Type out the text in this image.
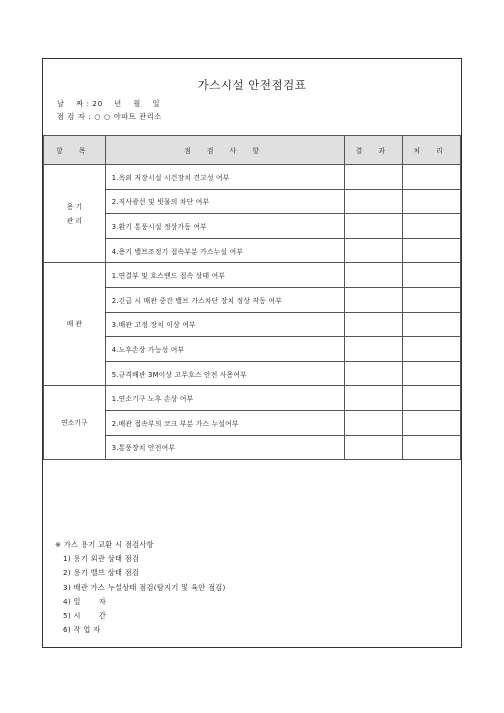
가스시설 안전점검표
날    짜 : 20    년    월    일
점 검 자 : ○ ○ 아파트 관리소
항 목	점 검 사 항	결 과	처 리
용 기
관 리	1.옥외 저장시설 시건장치 견고성 여부		
	2.직사광선 및 빗물의 차단 여부		
	3.환기 통풍시설 정상가동 여부		
	4.용기 밸브조정기 접속부분 가스누설 여부		
배 관	1.연결부 및 호스밴드 접속 상태 여부		
	2.긴급 시 배관 중간 밸브 가스차단 장치 정상 작동 여부		
	3.배관 고정 장치 이상 여부		
	4.노후손상 가능성 여부		
	5.규격배관 3M이상 고무호스 안전 사용여부		
연소기구	1.연소기구 노후 손상 여부		
	2.배관 접속부의 코크 부분 가스 누설여부		
	3.통풍장치 안전여부		
※ 가스 용기 교환 시 점검사항
1) 용기 외관 상태 점검
2) 용기 밸브 상태 점검
3) 배관 가스 누설상태 점검(탐지기 및 육안 점검)
4) 일       자
5) 시       간
6) 작 업 자
